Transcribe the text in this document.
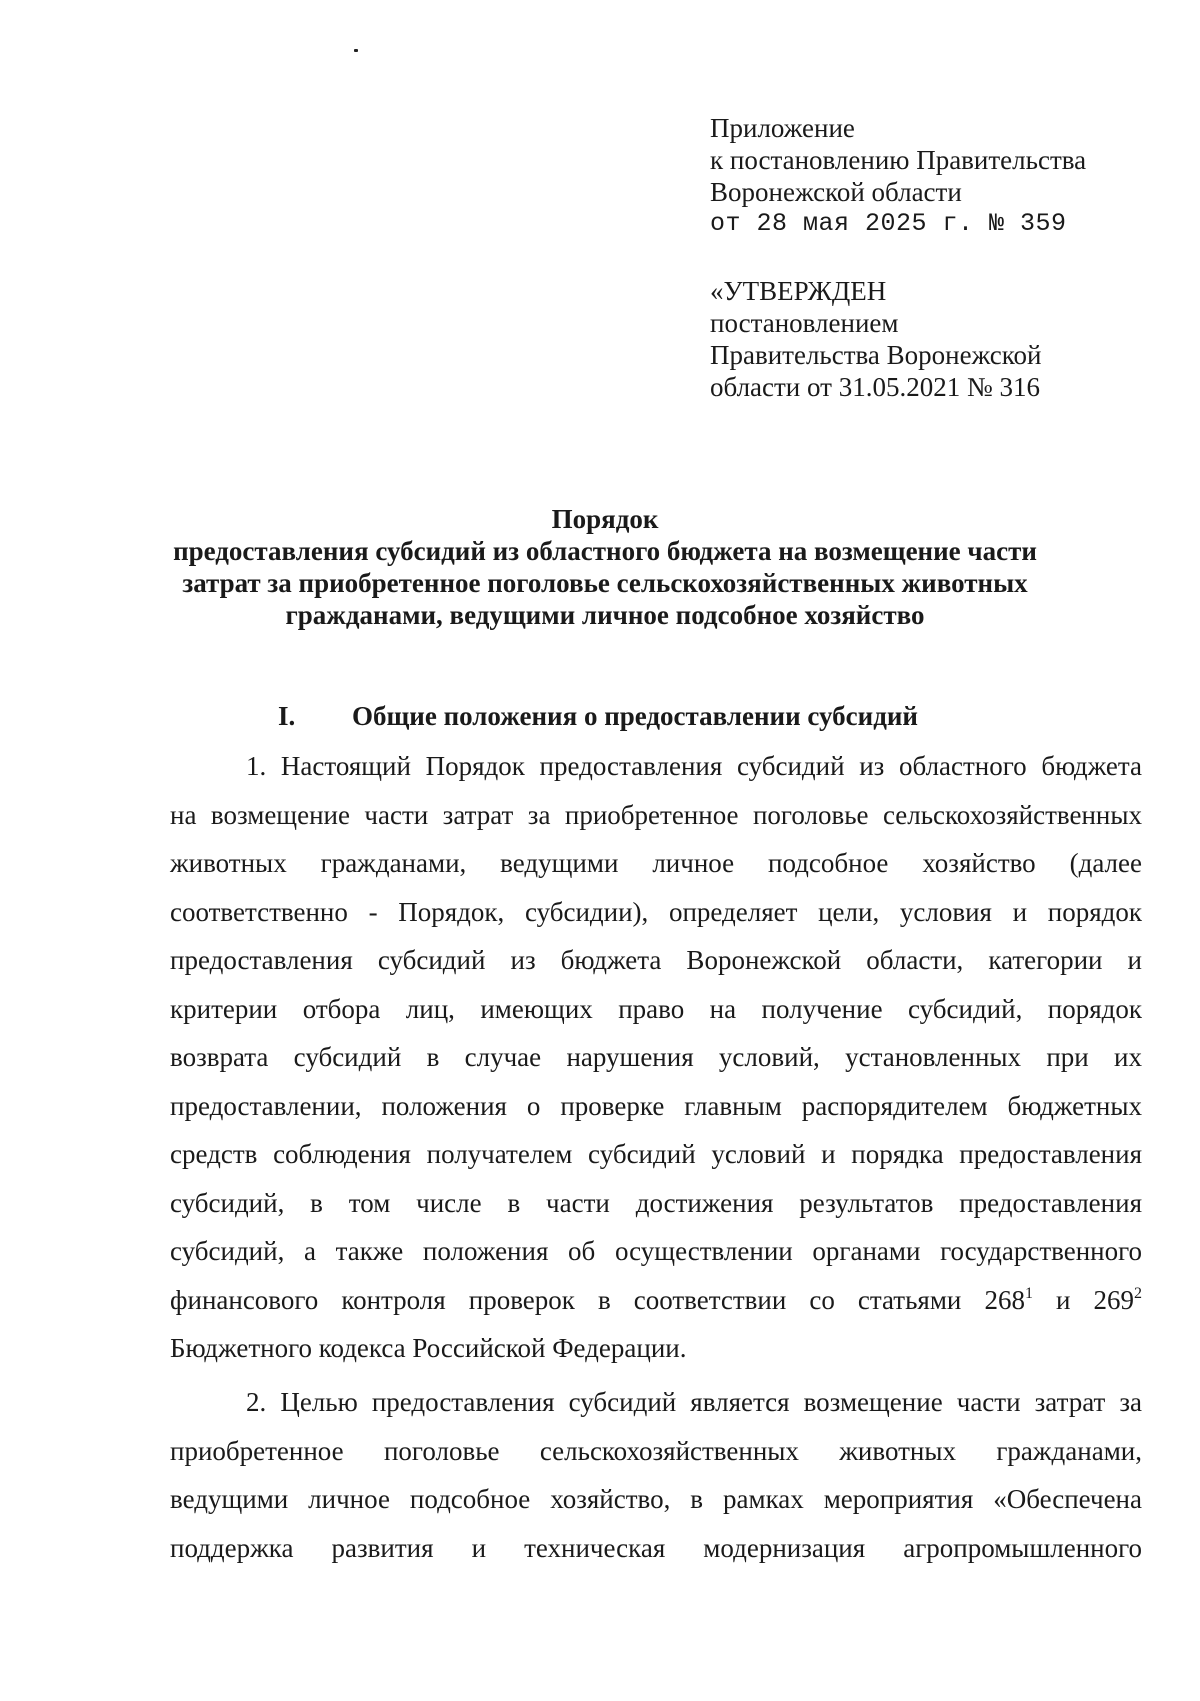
Приложение
к постановлению Правительства
Воронежской области
от 28 мая 2025 г. № 359
«УТВЕРЖДЕН
постановлением
Правительства Воронежской
области от 31.05.2021 № 316
Порядок
предоставления субсидий из областного бюджета на возмещение части
затрат за приобретенное поголовье сельскохозяйственных животных
гражданами, ведущими личное подсобное хозяйство
I. Общие положения о предоставлении субсидий
1. Настоящий Порядок предоставления субсидий из областного бюджета
на возмещение части затрат за приобретенное поголовье сельскохозяйственных
животных гражданами, ведущими личное подсобное хозяйство (далее
соответственно - Порядок, субсидии), определяет цели, условия и порядок
предоставления субсидий из бюджета Воронежской области, категории и
критерии отбора лиц, имеющих право на получение субсидий, порядок
возврата субсидий в случае нарушения условий, установленных при их
предоставлении, положения о проверке главным распорядителем бюджетных
средств соблюдения получателем субсидий условий и порядка предоставления
субсидий, в том числе в части достижения результатов предоставления
субсидий, а также положения об осуществлении органами государственного
финансового контроля проверок в соответствии со статьями $268^1$ и $269^2$
Бюджетного кодекса Российской Федерации.
2. Целью предоставления субсидий является возмещение части затрат за
приобретенное поголовье сельскохозяйственных животных гражданами,
ведущими личное подсобное хозяйство, в рамках мероприятия «Обеспечена
поддержка развития и техническая модернизация агропромышленного
